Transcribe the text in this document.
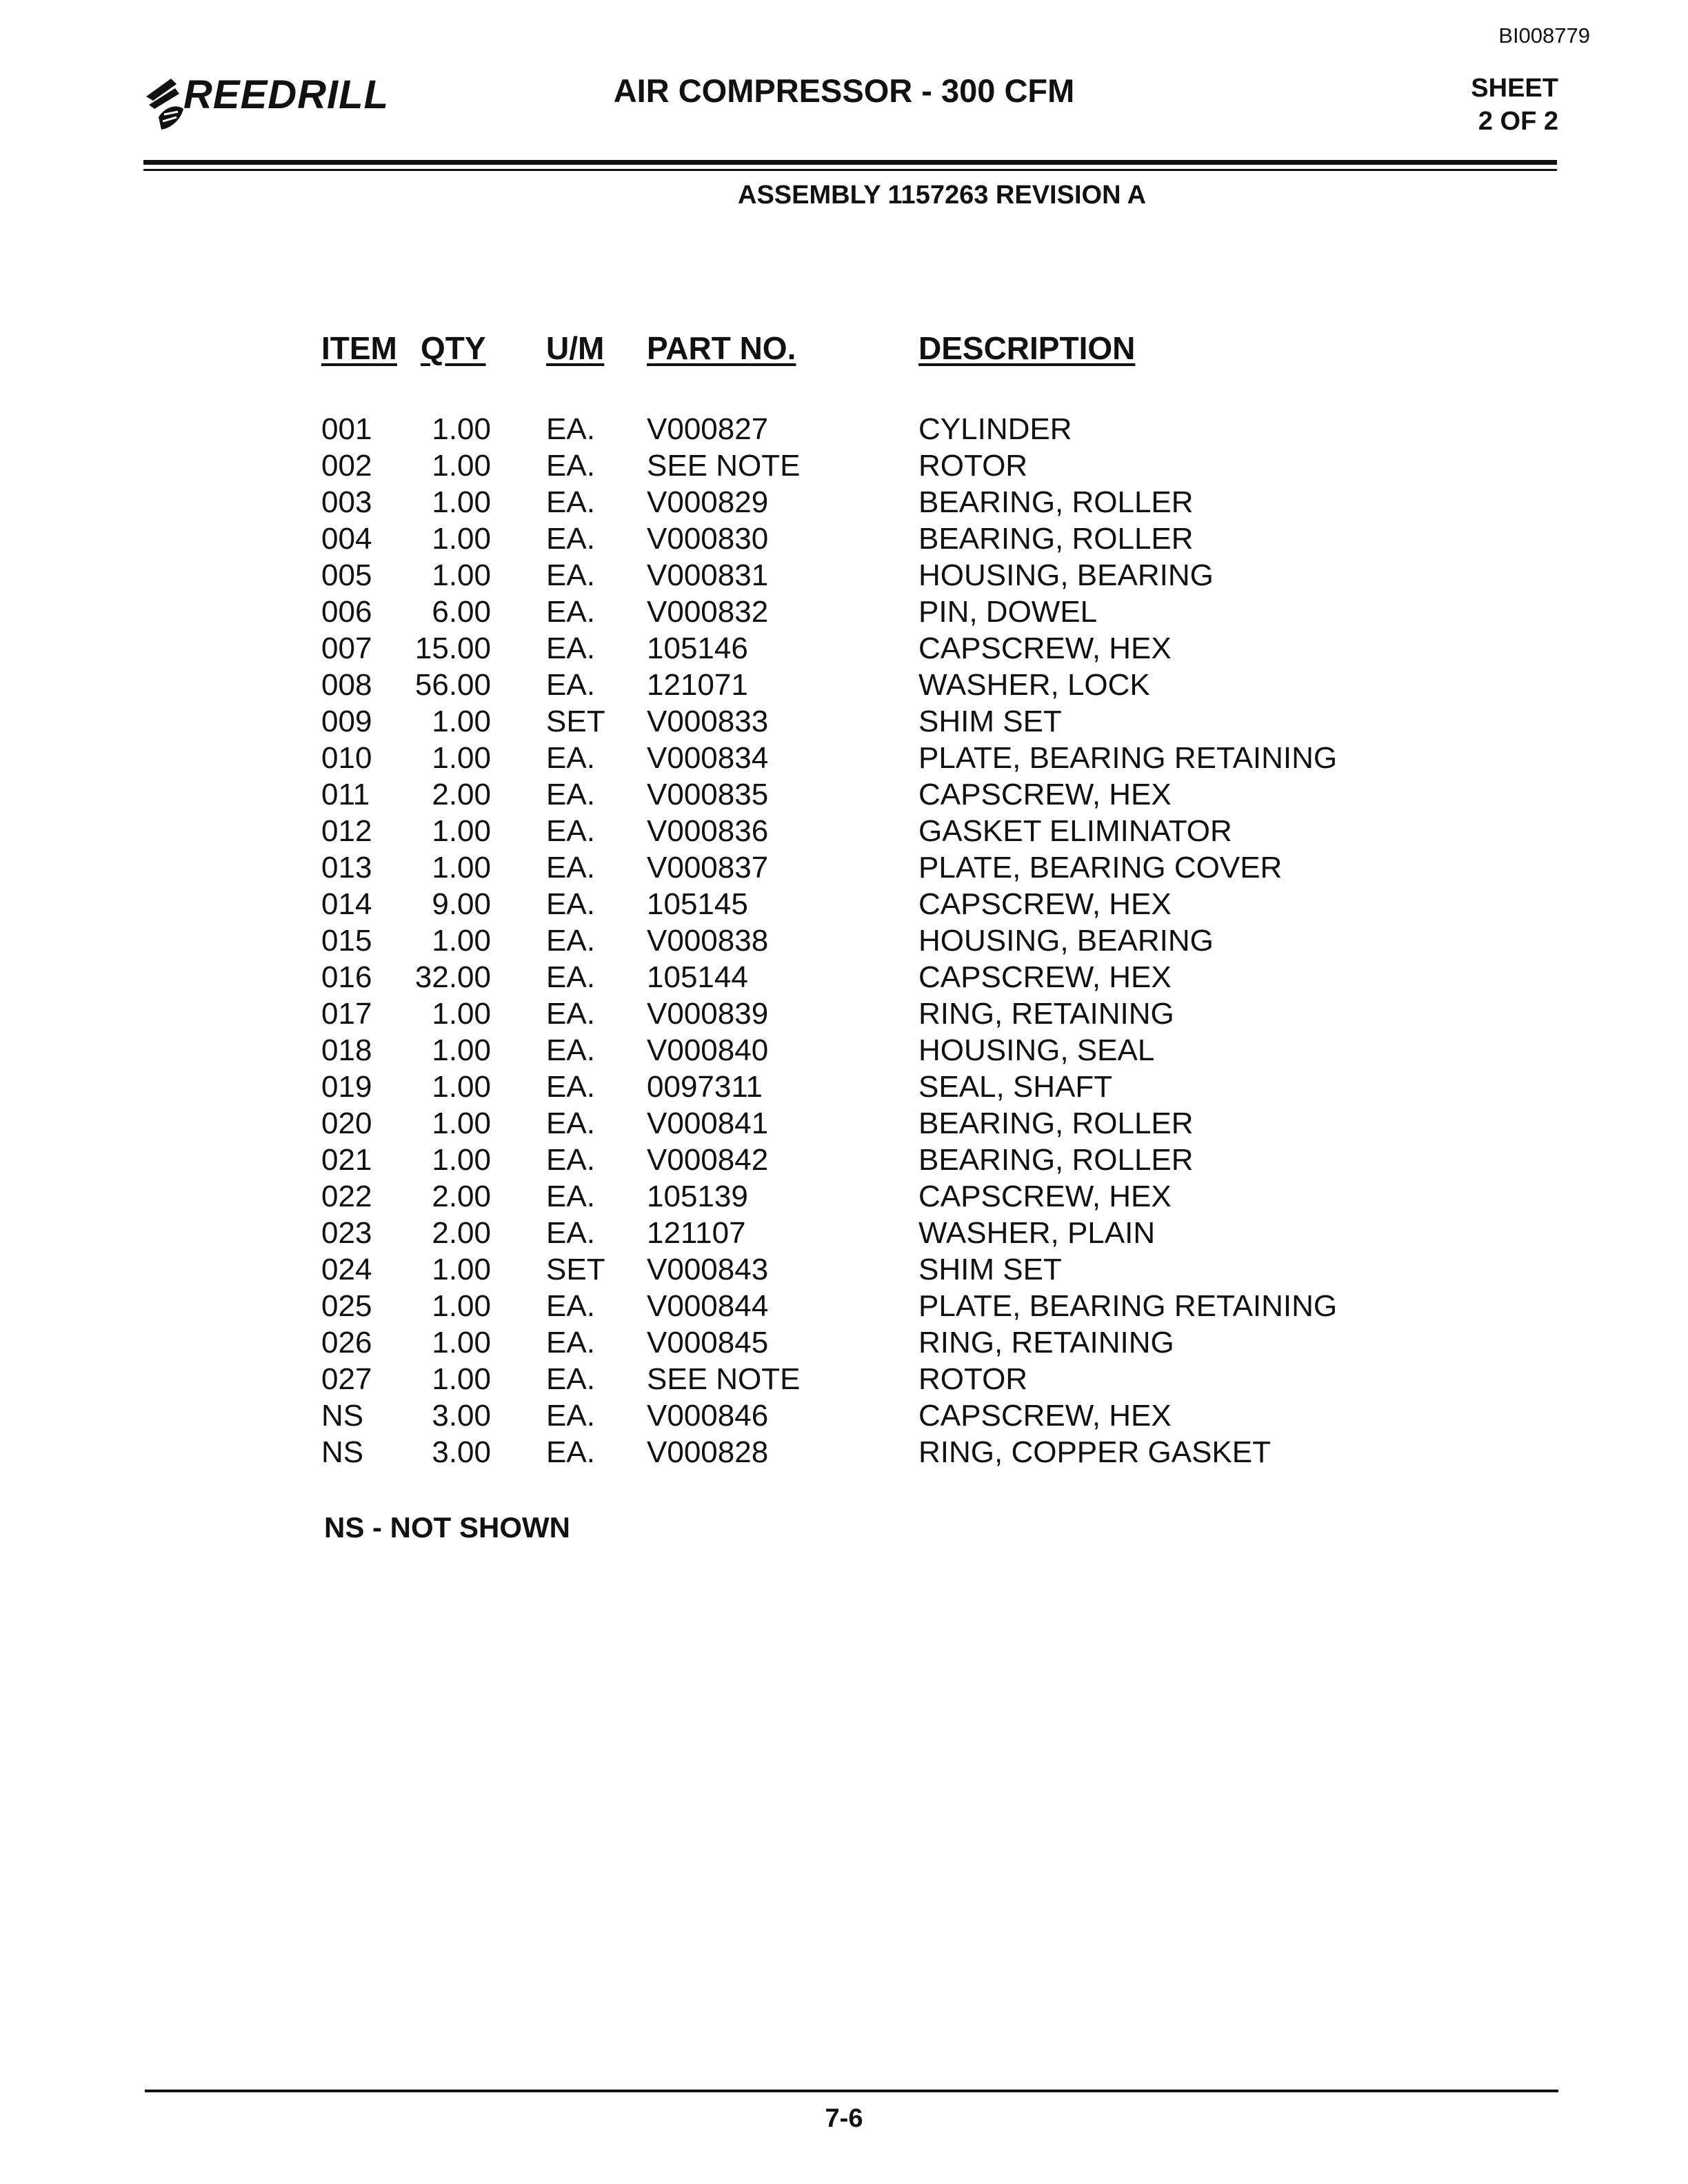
BI008779
REEDRILL	AIR COMPRESSOR - 300 CFM	SHEET
2 OF 2
ASSEMBLY 1157263 REVISION A
ITEM QTY U/M PART NO.	DESCRIPTION
001	1.00 EA. V000827	CYLINDER
002	1.00 EA. SEE NOTE	ROTOR
003	1.00 EA. V000829	BEARING, ROLLER
004	1.00 EA. V000830	BEARING, ROLLER
005	1.00 EA. V000831	HOUSING, BEARING
006	6.00 EA. V000832	PIN, DOWEL
007 15.00 EA. 105146	CAPSCREW, HEX
008 56.00 EA. 121071	WASHER, LOCK
009	1.00 SET V000833	SHIM SET
010	1.00 EA. V000834	PLATE, BEARING RETAINING
011	2.00 EA. V000835	CAPSCREW, HEX
012	1.00 EA. V000836	GASKET ELIMINATOR
013	1.00 EA. V000837	PLATE, BEARING COVER
014	9.00 EA. 105145	CAPSCREW, HEX
015	1.00 EA. V000838	HOUSING, BEARING
016 32.00 EA. 105144	CAPSCREW, HEX
017	1.00 EA. V000839	RING, RETAINING
018	1.00 EA. V000840	HOUSING, SEAL
019	1.00 EA. 0097311	SEAL, SHAFT
020	1.00 EA. V000841	BEARING, ROLLER
021	1.00 EA. V000842	BEARING, ROLLER
022	2.00 EA. 105139	CAPSCREW, HEX
023	2.00 EA. 121107	WASHER, PLAIN
024	1.00 SET V000843	SHIM SET
025	1.00 EA. V000844	PLATE, BEARING RETAINING
026	1.00 EA. V000845	RING, RETAINING
027	1.00 EA. SEE NOTE	ROTOR
NS	3.00 EA. V000846	CAPSCREW, HEX
NS	3.00 EA. V000828	RING, COPPER GASKET
NS - NOT SHOWN
7-6
